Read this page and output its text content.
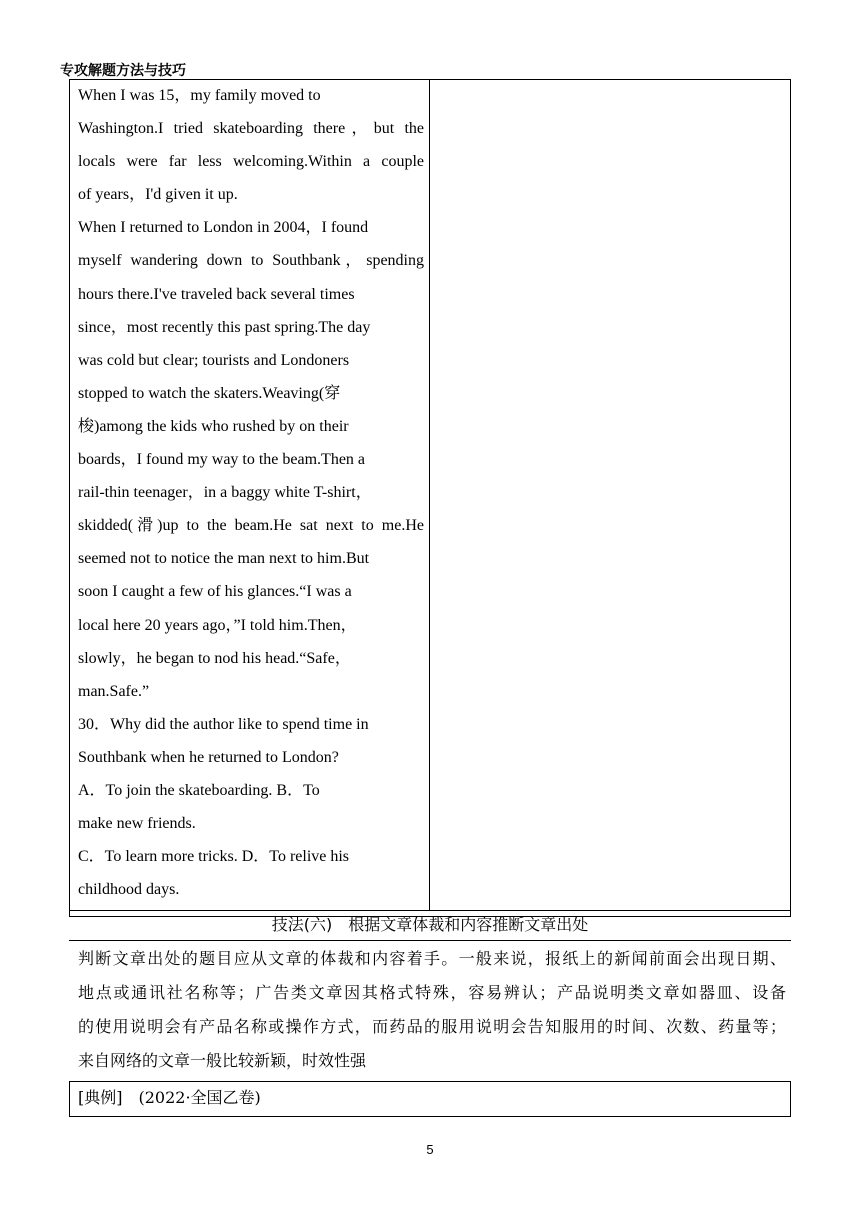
专攻解题方法与技巧
When I was 15，my family moved to
Washington.I tried skateboarding there，but the
locals were far less welcoming.Within a couple
of years，I'd given it up.
When I returned to London in 2004，I found
myself wandering down to Southbank，spending
hours there.I've traveled back several times
since，most recently this past spring.The day
was cold but clear; tourists and Londoners
stopped to watch the skaters.Weaving(穿
梭)among the kids who rushed by on their
boards，I found my way to the beam.Then a
rail-thin teenager，in a baggy white T-shirt，
skidded(滑)up to the beam.He sat next to me.He
seemed not to notice the man next to him.But
soon I caught a few of his glances.“I was a
local here 20 years ago，”I told him.Then，
slowly，he began to nod his head.“Safe，
man.Safe.”
30．Why did the author like to spend time in
Southbank when he returned to London?
A．To join the skateboarding. B．To
make new friends.
C．To learn more tricks. D．To relive his
childhood days.
技法(六)　根据文章体裁和内容推断文章出处
判断文章出处的题目应从文章的体裁和内容着手。一般来说，报纸上的新闻前面会出现日期、
地点或通讯社名称等；广告类文章因其格式特殊，容易辨认；产品说明类文章如器皿、设备
的使用说明会有产品名称或操作方式，而药品的服用说明会告知服用的时间、次数、药量等；
来自网络的文章一般比较新颖，时效性强
[典例]　(2022·全国乙卷)
5
